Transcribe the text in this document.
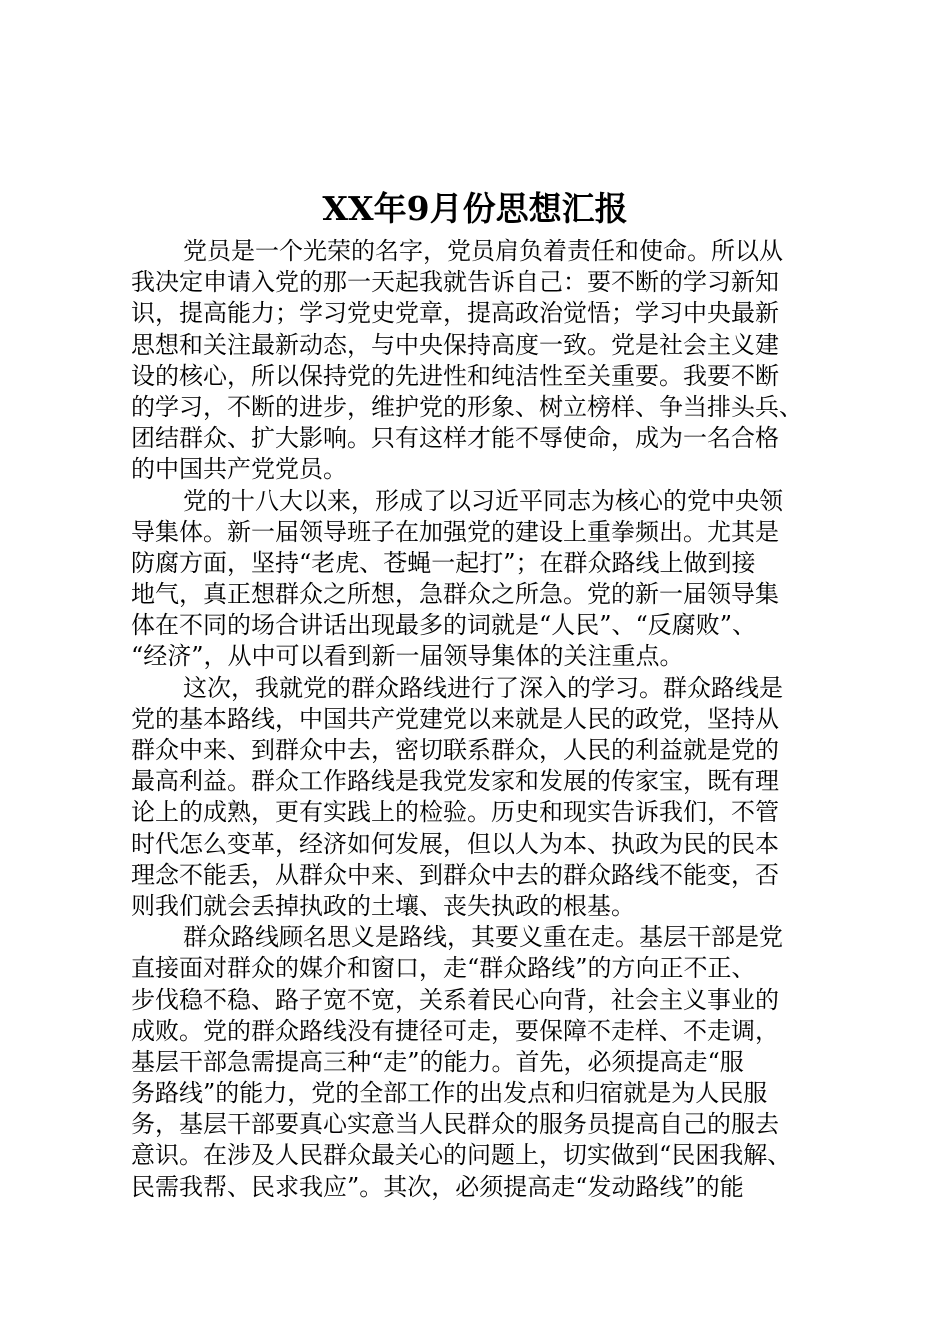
XX年9月份思想汇报
党员是一个光荣的名字，党员肩负着责任和使命。所以从
我决定申请入党的那一天起我就告诉自己：要不断的学习新知
识，提高能力；学习党史党章，提高政治觉悟；学习中央最新
思想和关注最新动态，与中央保持高度一致。党是社会主义建
设的核心，所以保持党的先进性和纯洁性至关重要。我要不断
的学习，不断的进步，维护党的形象、树立榜样、争当排头兵、
团结群众、扩大影响。只有这样才能不辱使命，成为一名合格
的中国共产党党员。
党的十八大以来，形成了以习近平同志为核心的党中央领
导集体。新一届领导班子在加强党的建设上重拳频出。尤其是
防腐方面，坚持“老虎、苍蝇一起打”；在群众路线上做到接
地气，真正想群众之所想，急群众之所急。党的新一届领导集
体在不同的场合讲话出现最多的词就是“人民”、“反腐败”、
“经济”，从中可以看到新一届领导集体的关注重点。
这次，我就党的群众路线进行了深入的学习。群众路线是
党的基本路线，中国共产党建党以来就是人民的政党，坚持从
群众中来、到群众中去，密切联系群众，人民的利益就是党的
最高利益。群众工作路线是我党发家和发展的传家宝，既有理
论上的成熟，更有实践上的检验。历史和现实告诉我们，不管
时代怎么变革，经济如何发展，但以人为本、执政为民的民本
理念不能丢，从群众中来、到群众中去的群众路线不能变，否
则我们就会丢掉执政的土壤、丧失执政的根基。
群众路线顾名思义是路线，其要义重在走。基层干部是党
直接面对群众的媒介和窗口，走“群众路线”的方向正不正、
步伐稳不稳、路子宽不宽，关系着民心向背，社会主义事业的
成败。党的群众路线没有捷径可走，要保障不走样、不走调，
基层干部急需提高三种“走”的能力。首先，必须提高走“服
务路线”的能力，党的全部工作的出发点和归宿就是为人民服
务，基层干部要真心实意当人民群众的服务员提高自己的服去
意识。在涉及人民群众最关心的问题上，切实做到“民困我解、
民需我帮、民求我应”。其次，必须提高走“发动路线”的能
